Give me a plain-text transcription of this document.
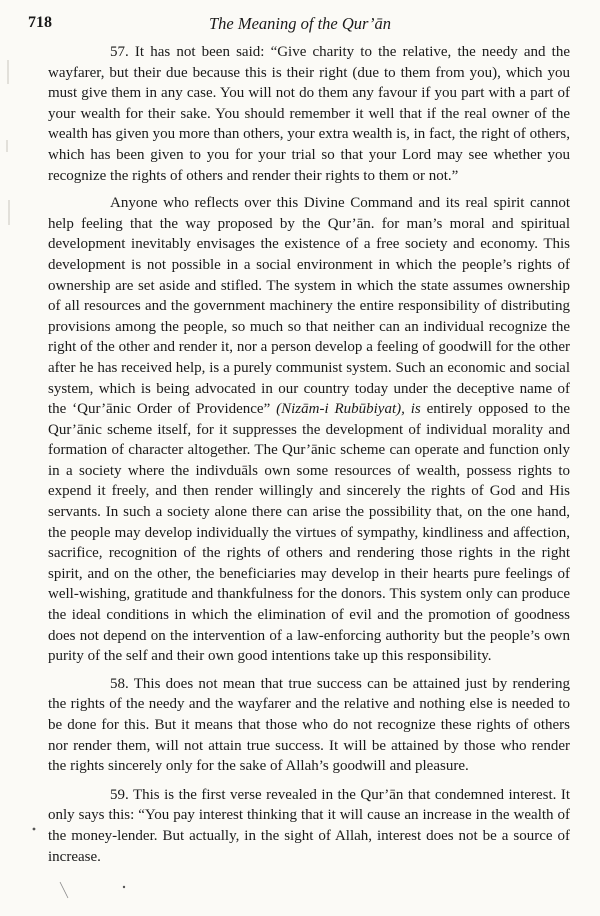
718	The Meaning of the Qur’ān

57. It has not been said: “Give charity to the relative, the needy and the wayfarer, but their due because this is their right (due to them from you), which you must give them in any case. You will not do them any favour if you part with a part of your wealth for their sake. You should remember it well that if the real owner of the wealth has given you more than others, your extra wealth is, in fact, the right of others, which has been given to you for your trial so that your Lord may see whether you recognize the rights of others and render their rights to them or not.”

Anyone who reflects over this Divine Command and its real spirit cannot help feeling that the way proposed by the Qur’ān. for man’s moral and spiritual development inevitably envisages the existence of a free society and economy. This development is not possible in a social environment in which the people’s rights of ownership are set aside and stifled. The system in which the state assumes ownership of all resources and the government machinery the entire responsibility of distributing provisions among the people, so much so that neither can an individual recognize the right of the other and render it, nor a person develop a feeling of goodwill for the other after he has received help, is a purely communist system. Such an economic and social system, which is being advocated in our country today under the deceptive name of the ‘Qur’ānic Order of Providence” (Nizām-i Rubūbiyat), is entirely opposed to the Qur’ānic scheme itself, for it suppresses the development of individual morality and formation of character altogether. The Qur’ānic scheme can operate and function only in a society where the indivduāls own some resources of wealth, possess rights to expend it freely, and then render willingly and sincerely the rights of God and His servants. In such a society alone there can arise the possibility that, on the one hand, the people may develop individually the virtues of sympathy, kindliness and affection, sacrifice, recognition of the rights of others and rendering those rights in the right spirit, and on the other, the beneficiaries may develop in their hearts pure feelings of well-wishing, gratitude and thankfulness for the donors. This system only can produce the ideal conditions in which the elimination of evil and the promotion of goodness does not depend on the intervention of a law-enforcing authority but the people’s own purity of the self and their own good intentions take up this responsibility.

58. This does not mean that true success can be attained just by rendering the rights of the needy and the wayfarer and the relative and nothing else is needed to be done for this. But it means that those who do not recognize these rights of others nor render them, will not attain true success. It will be attained by those who render the rights sincerely only for the sake of Allah’s goodwill and pleasure.

59. This is the first verse revealed in the Qur’ān that condemned interest. It only says this: “You pay interest thinking that it will cause an increase in the wealth of the money-lender. But actually, in the sight of Allah, interest does not be a source of increase.
